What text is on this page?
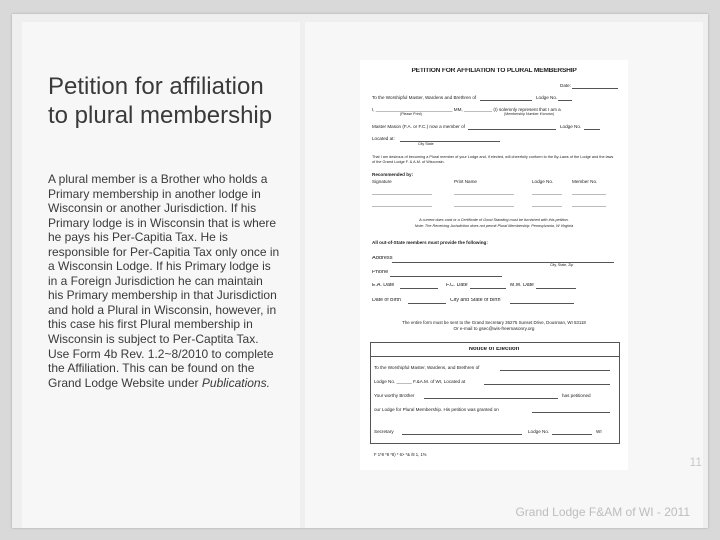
Petition for affiliation to plural membership
A plural member is a Brother who holds a Primary membership in another lodge in Wisconsin or another Jurisdiction. If his Primary lodge is in Wisconsin that is where he pays his Per-Capitia Tax. He is responsible for Per-Capitia Tax only once in a Wisconsin Lodge. If his Primary lodge is in a Foreign Jurisdiction he can maintain his Primary membership in that Jurisdiction and hold a Plural in Wisconsin, however, in this case his first Plural membership in Wisconsin is subject to Per-Captita Tax. Use Form 4b Rev. 1.2~8/2010 to complete the Affiliation. This can be found on the Grand Lodge Website under Publications.
PETITION FOR AFFILIATION TO PLURAL MEMBERSHIP
Date:
To the Worshipful Master, Wardens and Brethren of	Lodge No.
I, ______________________________ MM, ___________ (I) solemnly represent that I am a
(Please Print)	(Membership Number if known)
Master Mason (F.A. or F.C.) now a member of	Lodge No.
Located at:
City State
That I am desirous of becoming a Plural member of your Lodge and, if elected, will cheerfully conform to the By-Laws of the Lodge and the laws of the Grand Lodge F. & A.M. of Wisconsin.
Recommended by:
Signature	Print Name	Lodge No.	Member No.
A current dues card or a Certificate of Good Standing must be furnished with this petition.
Note: The Receiving Jurisdiction does not permit Plural Membership: Pennsylvania, W Virginia
All out-of-State members must provide the following:
Address
City, State, Zip
Phone
E.A. Date	F.C. Date	M.M. Date
Date of Birth	City and State of Birth
The entire form must be sent to the Grand Secretary 36275 Sunset Drive, Dousman, WI 53118
Or e-mail to gsec@wis-freemasonry.org
Notice of Election
To the Worshipful Master, Wardens, and Brethren of
Lodge No. ______ F.&A.M. of WI, Located at
Your worthy Brother	has petitioned
our Lodge for Plural Membership. His petition was granted on
Secretary	Lodge No.	WI
F 1*8 *8 *8) * 6> *& /8 1, 1%
11
Grand Lodge F&AM of WI - 2011
